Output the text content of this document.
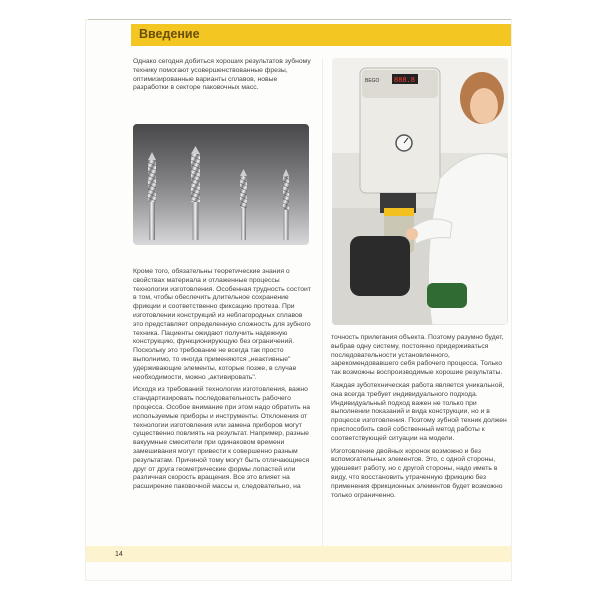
Введение
Однако сегодня добиться хороших результатов зубному технику помогают усовершенствованные фрезы, оптимизированные варианты сплавов, новые разработки в секторе паковочных масс.
888.8
BEGO

Кроме того, обязательны теоретические знания о свойствах материала и отлаженные процессы технологии изготовления. Особенная трудность состоит в том, чтобы обеспечить длительное сохранение фрикции и соответственно фиксацию протеза. При изготовлении конструкций из неблагородных сплавов это представляет определенную сложность для зубного техника. Пациенты ожидают получить надежную конструкцию, функционирующую без ограничений. Поскольку это требование не всегда так просто выполнимо, то иногда применяются „неактивные" удерживающие элементы, которые позже, в случае необходимости, можно „активировать".

Исходя из требований технологии изготовления, важно стандартизировать последовательность рабочего процесса. Особое внимание при этом надо обратить на используемые приборы и инструменты. Отклонения от технологии изготовления или замена приборов могут существенно повлиять на результат. Например, разные вакуумные смесители при одинаковом времени замешивания могут привести к совершенно разным результатам. Причиной тому могут быть отличающиеся друг от друга геометрические формы лопастей или различная скорость вращения. Все это влияет на расширение паковочной массы и, следовательно, на

точность прилегания объекта. Поэтому разумно будет, выбрав одну систему, постоянно придерживаться последовательности установленного, зарекомендовавшего себя рабочего процесса. Только так возможны воспроизводимые хорошие результаты.

Каждая зуботехническая работа является уникальной, она всегда требует индивидуального подхода. Индивидуальный подход важен не только при выполнении показаний и вида конструкции, но и в процессе изготовления. Поэтому зубной техник должен приспособить свой собственный метод работы к соответствующей ситуации на модели.

Изготовление двойных коронок возможно и без вспомогательных элементов. Это, с одной стороны, удешевит работу, но с другой стороны, надо иметь в виду, что восстановить утраченную фрикцию без применения фрикционных элементов будет возможно только ограниченно.

14
